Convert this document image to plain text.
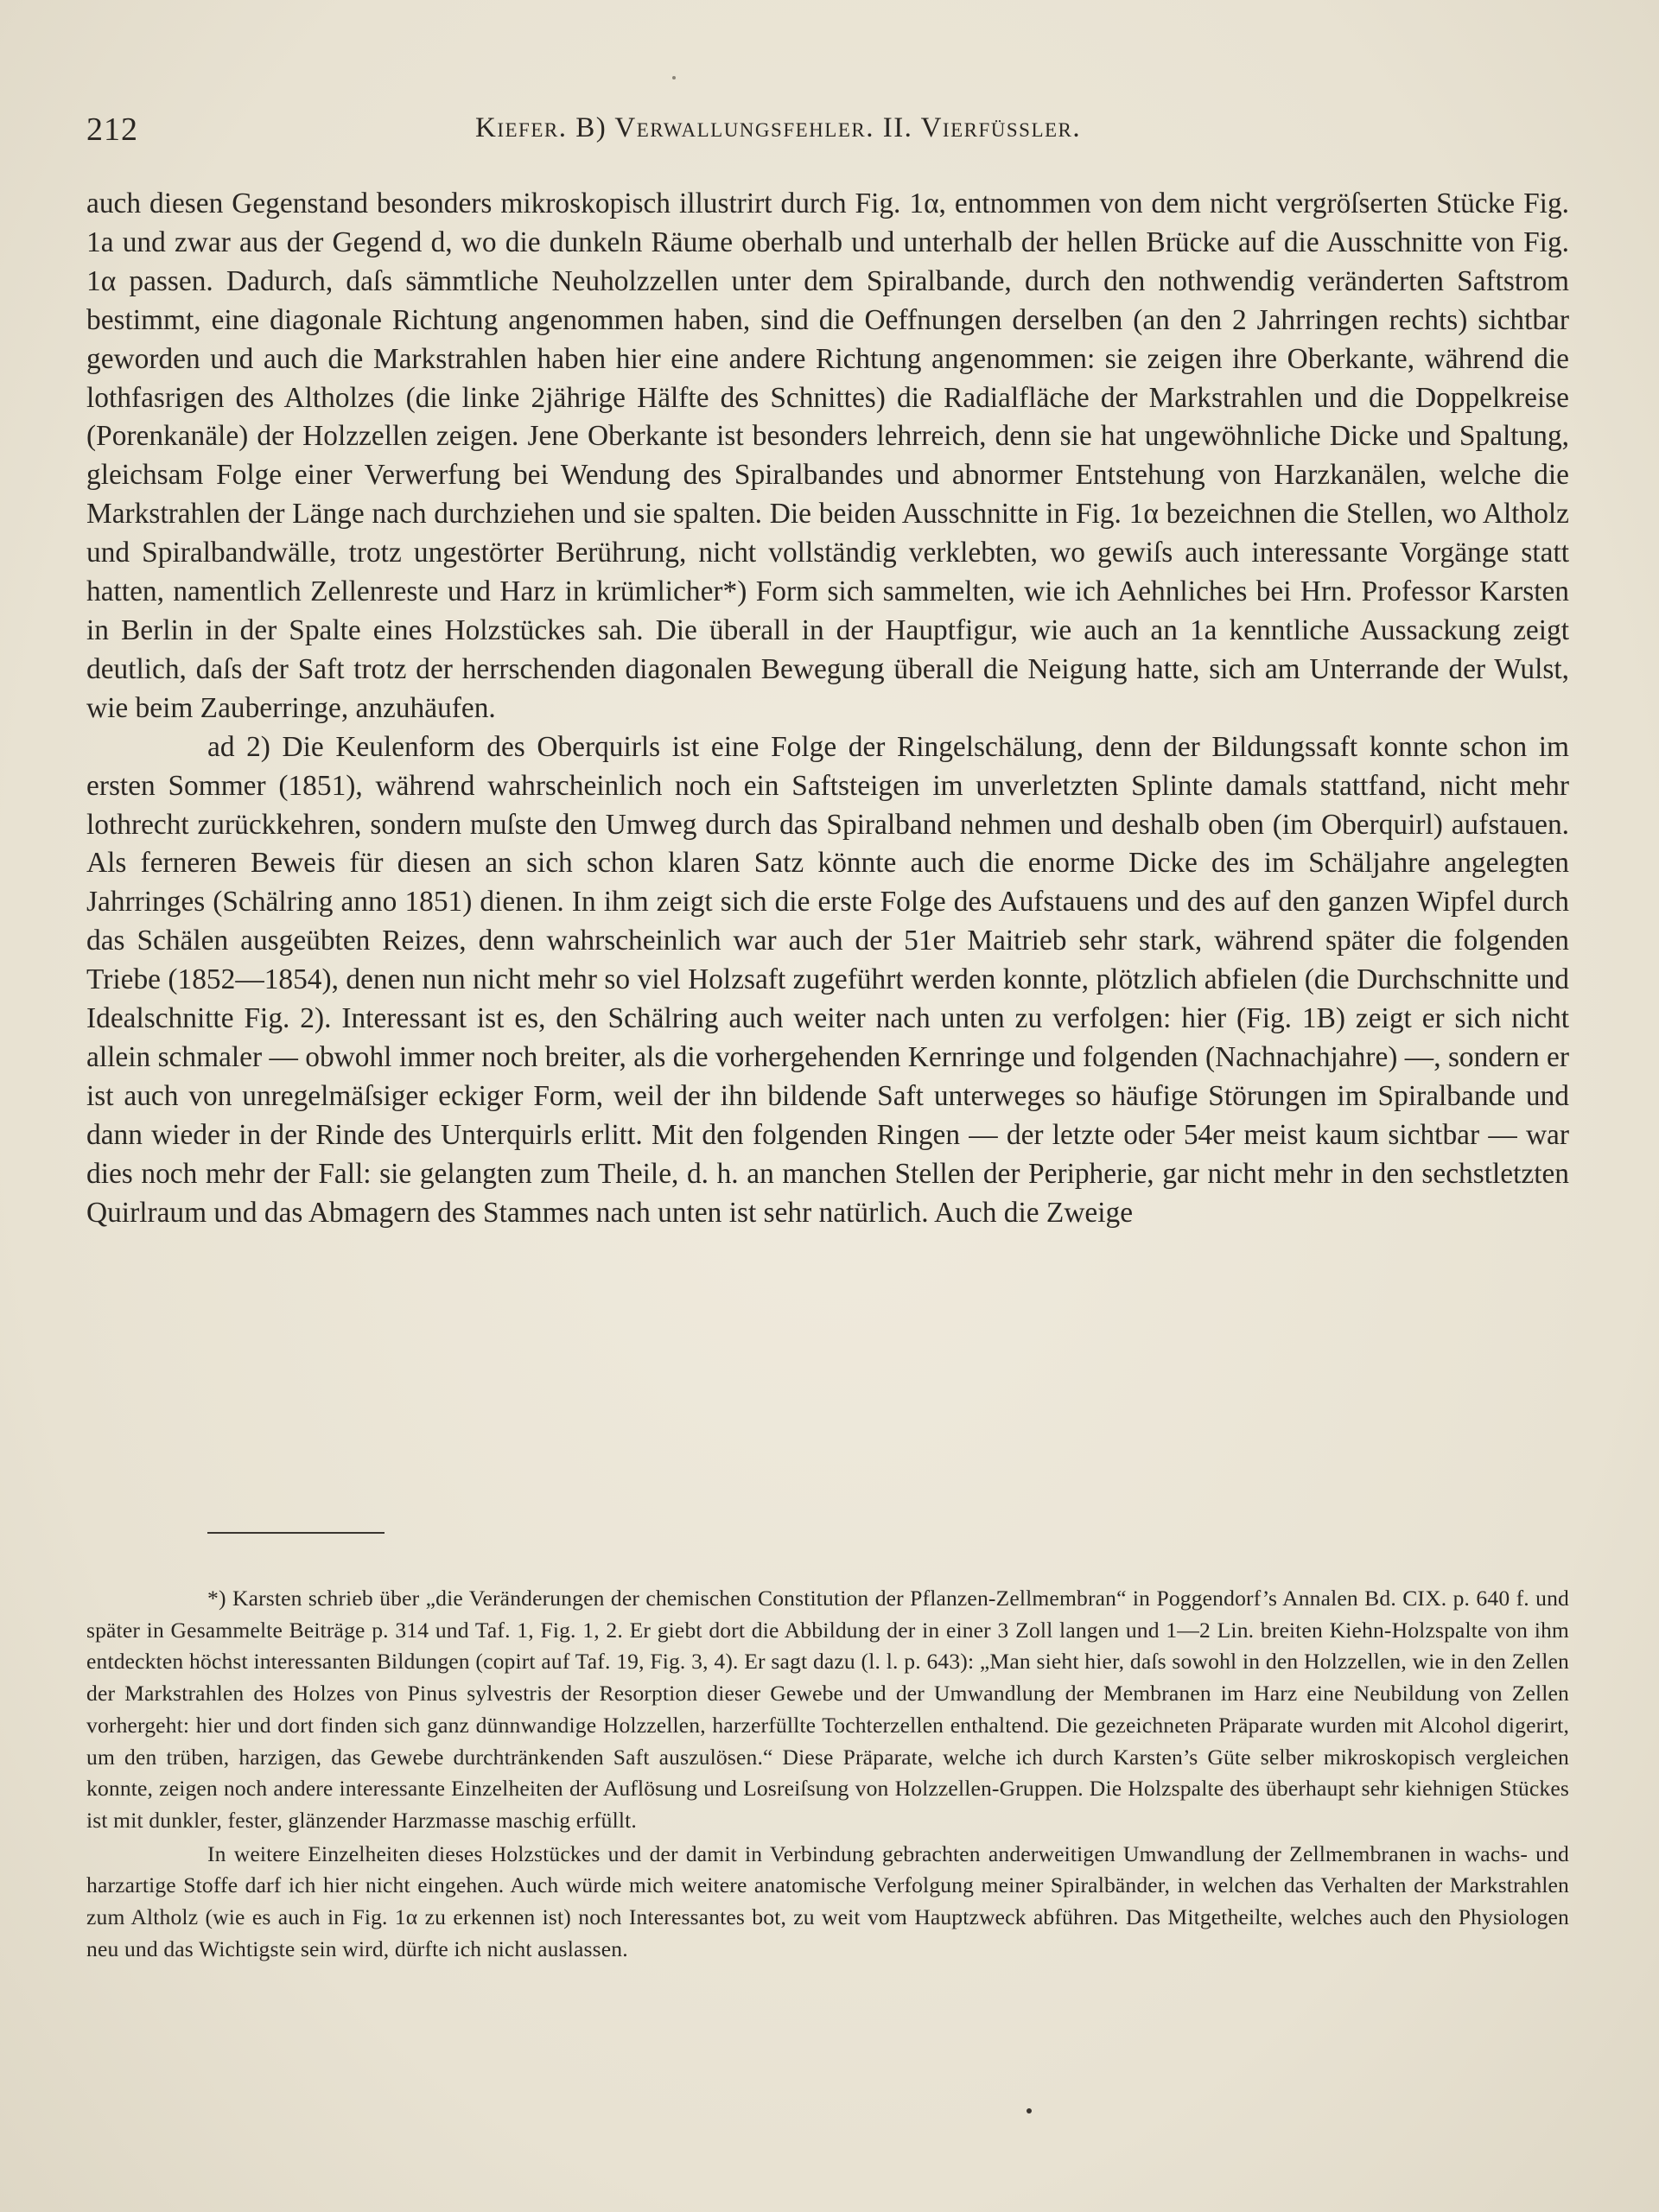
212	Kiefer. B) Verwallungsfehler. II. Vierfüssler.

auch diesen Gegenstand besonders mikroskopisch illustrirt durch Fig. 1α, entnommen von dem nicht vergröſserten Stücke Fig. 1a und zwar aus der Gegend d, wo die dunkeln Räume oberhalb und unterhalb der hellen Brücke auf die Ausschnitte von Fig. 1α passen. Dadurch, daſs sämmtliche Neuholzzellen unter dem Spiralbande, durch den nothwendig veränderten Saftstrom bestimmt, eine diagonale Richtung angenommen haben, sind die Oeffnungen derselben (an den 2 Jahrringen rechts) sichtbar geworden und auch die Markstrahlen haben hier eine andere Richtung angenommen: sie zeigen ihre Oberkante, während die lothfasrigen des Altholzes (die linke 2jährige Hälfte des Schnittes) die Radialfläche der Markstrahlen und die Doppelkreise (Porenkanäle) der Holzzellen zeigen. Jene Oberkante ist besonders lehrreich, denn sie hat ungewöhnliche Dicke und Spaltung, gleichsam Folge einer Verwerfung bei Wendung des Spiralbandes und abnormer Entstehung von Harzkanälen, welche die Markstrahlen der Länge nach durchziehen und sie spalten. Die beiden Ausschnitte in Fig. 1α bezeichnen die Stellen, wo Altholz und Spiralbandwälle, trotz ungestörter Berührung, nicht vollständig verklebten, wo gewiſs auch interessante Vorgänge statt hatten, namentlich Zellenreste und Harz in krümlicher*) Form sich sammelten, wie ich Aehnliches bei Hrn. Professor Karsten in Berlin in der Spalte eines Holzstückes sah. Die überall in der Hauptfigur, wie auch an 1a kenntliche Aussackung zeigt deutlich, daſs der Saft trotz der herrschenden diagonalen Bewegung überall die Neigung hatte, sich am Unterrande der Wulst, wie beim Zauberringe, anzuhäufen.

ad 2) Die Keulenform des Oberquirls ist eine Folge der Ringelschälung, denn der Bildungssaft konnte schon im ersten Sommer (1851), während wahrscheinlich noch ein Saftsteigen im unverletzten Splinte damals stattfand, nicht mehr lothrecht zurückkehren, sondern muſste den Umweg durch das Spiralband nehmen und deshalb oben (im Oberquirl) aufstauen. Als ferneren Beweis für diesen an sich schon klaren Satz könnte auch die enorme Dicke des im Schäljahre angelegten Jahrringes (Schälring anno 1851) dienen. In ihm zeigt sich die erste Folge des Aufstauens und des auf den ganzen Wipfel durch das Schälen ausgeübten Reizes, denn wahrscheinlich war auch der 51er Maitrieb sehr stark, während später die folgenden Triebe (1852—1854), denen nun nicht mehr so viel Holzsaft zugeführt werden konnte, plötzlich abfielen (die Durchschnitte und Idealschnitte Fig. 2). Interessant ist es, den Schälring auch weiter nach unten zu verfolgen: hier (Fig. 1B) zeigt er sich nicht allein schmaler — obwohl immer noch breiter, als die vorhergehenden Kernringe und folgenden (Nachnachjahre) —, sondern er ist auch von unregelmäſsiger eckiger Form, weil der ihn bildende Saft unterweges so häufige Störungen im Spiralbande und dann wieder in der Rinde des Unterquirls erlitt. Mit den folgenden Ringen — der letzte oder 54er meist kaum sichtbar — war dies noch mehr der Fall: sie gelangten zum Theile, d. h. an manchen Stellen der Peripherie, gar nicht mehr in den sechstletzten Quirlraum und das Abmagern des Stammes nach unten ist sehr natürlich. Auch die Zweige

*) Karsten schrieb über „die Veränderungen der chemischen Constitution der Pflanzen-Zellmembran“ in Poggendorf’s Annalen Bd. CIX. p. 640 f. und später in Gesammelte Beiträge p. 314 und Taf. 1, Fig. 1, 2. Er giebt dort die Abbildung der in einer 3 Zoll langen und 1—2 Lin. breiten Kiehn-Holzspalte von ihm entdeckten höchst interessanten Bildungen (copirt auf Taf. 19, Fig. 3, 4). Er sagt dazu (l. l. p. 643): „Man sieht hier, daſs sowohl in den Holzzellen, wie in den Zellen der Markstrahlen des Holzes von Pinus sylvestris der Resorption dieser Gewebe und der Umwandlung der Membranen im Harz eine Neubildung von Zellen vorhergeht: hier und dort finden sich ganz dünnwandige Holzzellen, harzerfüllte Tochterzellen enthaltend. Die gezeichneten Präparate wurden mit Alcohol digerirt, um den trüben, harzigen, das Gewebe durchtränkenden Saft auszulösen.“ Diese Präparate, welche ich durch Karsten’s Güte selber mikroskopisch vergleichen konnte, zeigen noch andere interessante Einzelheiten der Auflösung und Losreiſsung von Holzzellen-Gruppen. Die Holzspalte des überhaupt sehr kiehnigen Stückes ist mit dunkler, fester, glänzender Harzmasse maschig erfüllt.

In weitere Einzelheiten dieses Holzstückes und der damit in Verbindung gebrachten anderweitigen Umwandlung der Zellmembranen in wachs- und harzartige Stoffe darf ich hier nicht eingehen. Auch würde mich weitere anatomische Verfolgung meiner Spiralbänder, in welchen das Verhalten der Markstrahlen zum Altholz (wie es auch in Fig. 1α zu erkennen ist) noch Interessantes bot, zu weit vom Hauptzweck abführen. Das Mitgetheilte, welches auch den Physiologen neu und das Wichtigste sein wird, dürfte ich nicht auslassen.
